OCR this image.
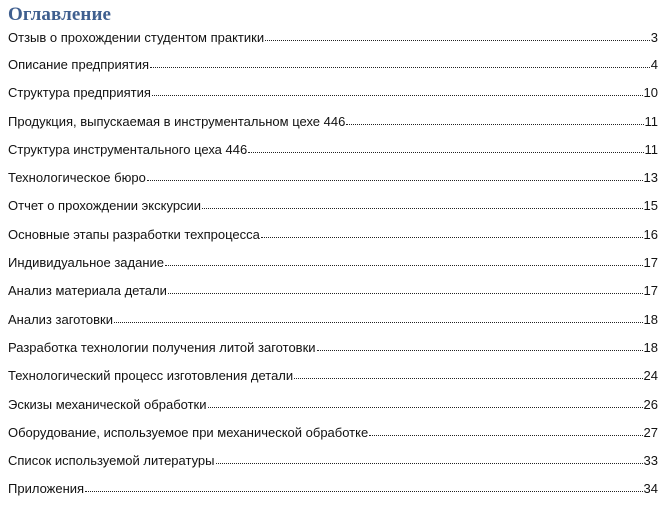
Оглавление
Отзыв о прохождении студентом практики	3
Описание предприятия	4
Структура предприятия	10
Продукция, выпускаемая в инструментальном цехе 446	11
Структура инструментального цеха 446	11
Технологическое бюро	13
Отчет о прохождении экскурсии	15
Основные этапы разработки техпроцесса	16
Индивидуальное задание	17
Анализ материала детали	17
Анализ заготовки	18
Разработка технологии получения литой заготовки	18
Технологический процесс изготовления детали	24
Эскизы механической обработки	26
Оборудование, используемое при механической обработке	27
Список используемой литературы	33
Приложения	34
